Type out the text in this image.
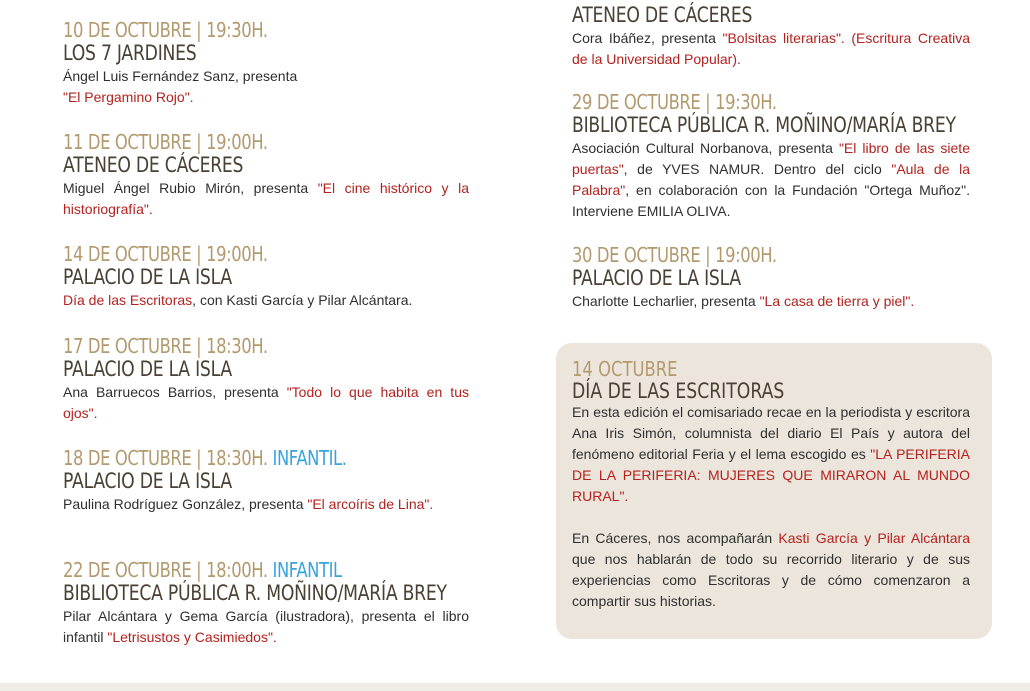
10 DE OCTUBRE | 19:30H.
LOS 7 JARDINES
Ángel Luis Fernández Sanz, presenta
"El Pergamino Rojo".
11 DE OCTUBRE | 19:00H.
ATENEO DE CÁCERES
Miguel Ángel Rubio Mirón, presenta "El cine histórico y la historiografía".
14 DE OCTUBRE | 19:00H.
PALACIO DE LA ISLA
Día de las Escritoras, con Kasti García y Pilar Alcántara.
17 DE OCTUBRE | 18:30H.
PALACIO DE LA ISLA
Ana Barruecos Barrios, presenta "Todo lo que habita en tus ojos".
18 DE OCTUBRE | 18:30H. INFANTIL.
PALACIO DE LA ISLA
Paulina Rodríguez González, presenta "El arcoíris de Lina".
22 DE OCTUBRE | 18:00H. INFANTIL
BIBLIOTECA PÚBLICA R. MOÑINO/MARÍA BREY
Pilar Alcántara y Gema García (ilustradora), presenta el libro infantil "Letrisustos y Casimiedos".
ATENEO DE CÁCERES
Cora Ibáñez, presenta "Bolsitas literarias". (Escritura Creativa de la Universidad Popular).
29 DE OCTUBRE | 19:30H.
BIBLIOTECA PÚBLICA R. MOÑINO/MARÍA BREY
Asociación Cultural Norbanova, presenta "El libro de las siete puertas", de YVES NAMUR. Dentro del ciclo "Aula de la Palabra", en colaboración con la Fundación "Ortega Muñoz". Interviene EMILIA OLIVA.
30 DE OCTUBRE | 19:00H.
PALACIO DE LA ISLA
Charlotte Lecharlier, presenta "La casa de tierra y piel".
14 OCTUBRE
DÍA DE LAS ESCRITORAS

En esta edición el comisariado recae en la periodista y escritora Ana Iris Simón, columnista del diario El País y autora del fenómeno editorial Feria y el lema escogido es "LA PERIFERIA DE LA PERIFERIA: MUJERES QUE MIRARON AL MUNDO RURAL".

En Cáceres, nos acompañarán Kasti García y Pilar Alcántara que nos hablarán de todo su recorrido literario y de sus experiencias como Escritoras y de cómo comenzaron a compartir sus historias.
